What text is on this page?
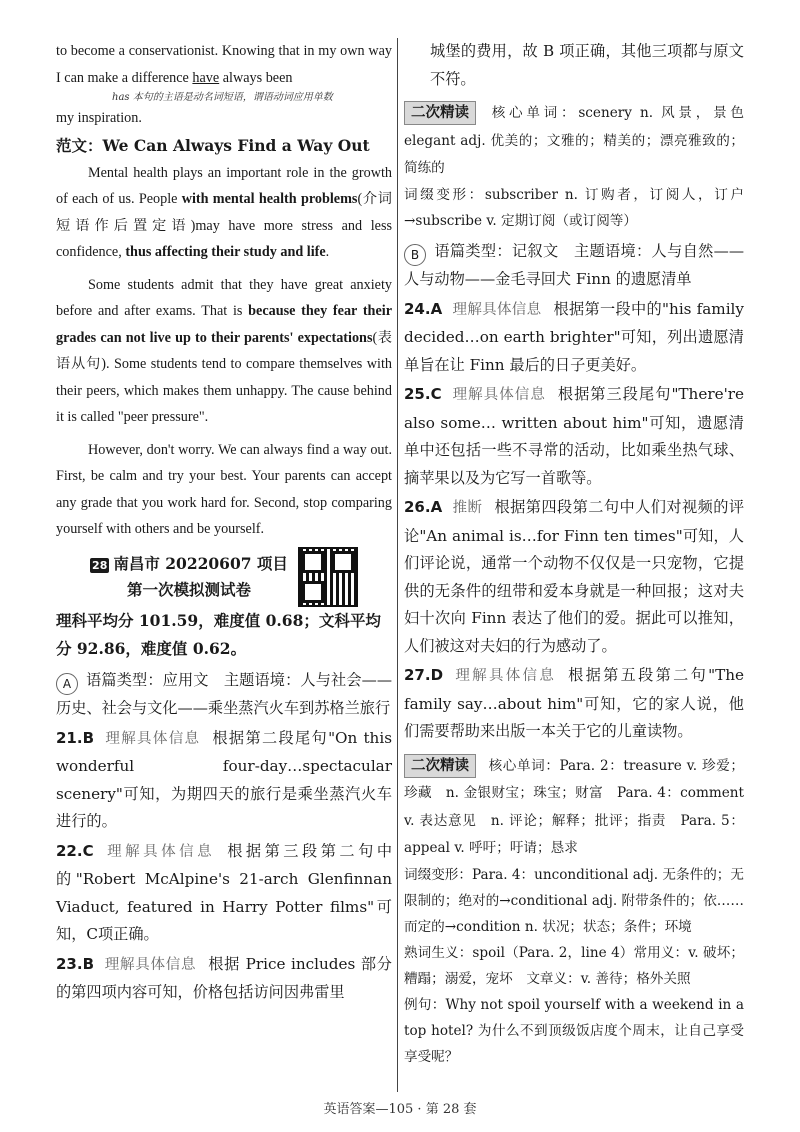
to become a conservationist. Knowing that in my own way I can make a difference have always been

has 本句的主语是动名词短语，谓语动词应用单数

my inspiration.

范文：We Can Always Find a Way Out

Mental health plays an important role in the growth of each of us. People with mental health problems(介词短语作后置定语)may have more stress and less confidence, thus affecting their study and life.

Some students admit that they have great anxiety before and after exams. That is because they fear their grades can not live up to their parents' expectations(表语从句). Some students tend to compare themselves with their peers, which makes them unhappy. The cause behind it is called "peer pressure".

However, don't worry. We can always find a way out. First, be calm and try your best. Your parents can accept any grade that you work hard for. Second, stop comparing yourself with others and be yourself.

28 南昌市 20220607 项目
第一次模拟测试卷

理科平均分 101.59，难度值 0.68；文科平均分 92.86，难度值 0.62。

A 语篇类型：应用文　主题语境：人与社会——历史、社会与文化——乘坐蒸汽火车到苏格兰旅行

21.B 理解具体信息 根据第二段尾句"On this wonderful four-day…spectacular scenery"可知，为期四天的旅行是乘坐蒸汽火车进行的。

22.C 理解具体信息 根据第三段第二句中的"Robert McAlpine's 21-arch Glenfinnan Viaduct, featured in Harry Potter films"可知，C项正确。

23.B 理解具体信息 根据 Price includes 部分的第四项内容可知，价格包括访问因弗雷里

城堡的费用，故 B 项正确，其他三项都与原文不符。

二次精读 核心单词：scenery n. 风景，景色　elegant adj. 优美的；文雅的；精美的；漂亮雅致的；简练的

词缀变形：subscriber n. 订购者，订阅人，订户→subscribe v. 定期订阅（或订阅等）

B 语篇类型：记叙文　主题语境：人与自然——人与动物——金毛寻回犬 Finn 的遗愿清单

24.A 理解具体信息 根据第一段中的"his family decided…on earth brighter"可知，列出遗愿清单旨在让 Finn 最后的日子更美好。

25.C 理解具体信息 根据第三段尾句"There're also some… written about him"可知，遗愿清单中还包括一些不寻常的活动，比如乘坐热气球、摘苹果以及为它写一首歌等。

26.A 推断 根据第四段第二句中人们对视频的评论"An animal is…for Finn ten times"可知，人们评论说，通常一个动物不仅仅是一只宠物，它提供的无条件的纽带和爱本身就是一种回报；这对夫妇十次向 Finn 表达了他们的爱。据此可以推知，人们被这对夫妇的行为感动了。

27.D 理解具体信息 根据第五段第二句"The family say…about him"可知，它的家人说，他们需要帮助来出版一本关于它的儿童读物。

二次精读 核心单词：Para. 2：treasure v. 珍爱；珍藏　n. 金银财宝；珠宝；财富　Para. 4：comment v. 表达意见　n. 评论；解释；批评；指责　Para. 5：appeal v. 呼吁；吁请；恳求

词缀变形：Para. 4：unconditional adj. 无条件的；无限制的；绝对的→conditional adj. 附带条件的；依……而定的→condition n. 状况；状态；条件；环境

熟词生义：spoil（Para. 2，line 4）常用义：v. 破坏；糟蹋；溺爱，宠坏　文章义：v. 善待；格外关照

例句：Why not spoil yourself with a weekend in a top hotel? 为什么不到顶级饭店度个周末，让自己享受享受呢？

英语答案—105 · 第 28 套
